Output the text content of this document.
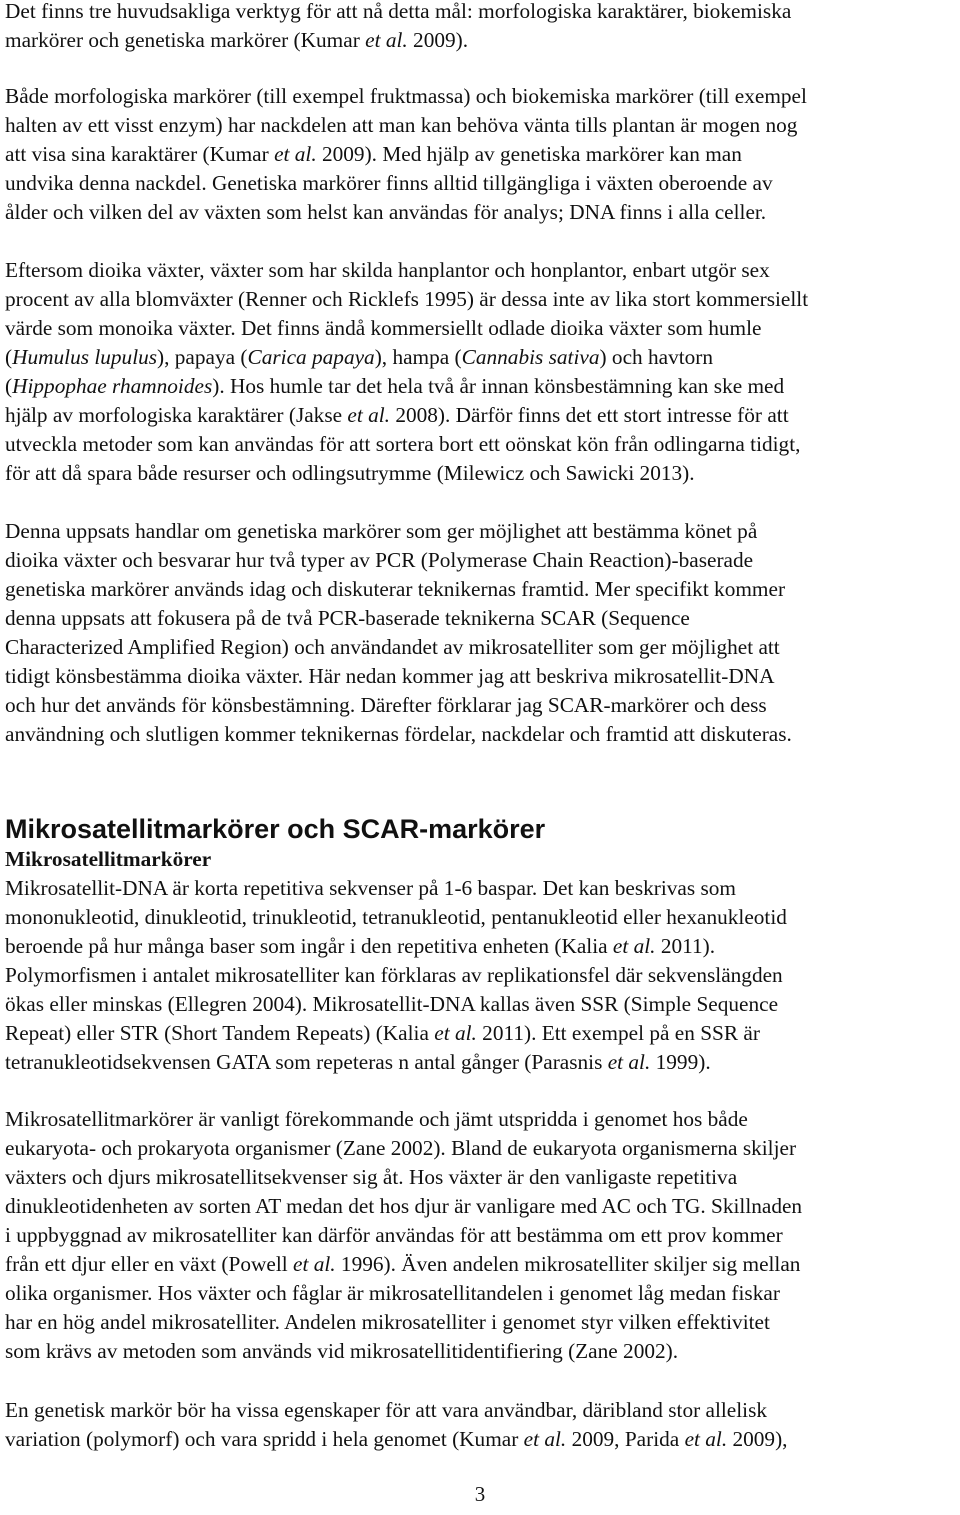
Det finns tre huvudsakliga verktyg för att nå detta mål: morfologiska karaktärer, biokemiska
markörer och genetiska markörer (Kumar et al. 2009).
Både morfologiska markörer (till exempel fruktmassa) och biokemiska markörer (till exempel
halten av ett visst enzym) har nackdelen att man kan behöva vänta tills plantan är mogen nog
att visa sina karaktärer (Kumar et al. 2009). Med hjälp av genetiska markörer kan man
undvika denna nackdel. Genetiska markörer finns alltid tillgängliga i växten oberoende av
ålder och vilken del av växten som helst kan användas för analys; DNA finns i alla celler.
Eftersom dioika växter, växter som har skilda hanplantor och honplantor, enbart utgör sex
procent av alla blomväxter (Renner och Ricklefs 1995) är dessa inte av lika stort kommersiellt
värde som monoika växter. Det finns ändå kommersiellt odlade dioika växter som humle
(Humulus lupulus), papaya (Carica papaya), hampa (Cannabis sativa) och havtorn
(Hippophae rhamnoides). Hos humle tar det hela två år innan könsbestämning kan ske med
hjälp av morfologiska karaktärer (Jakse et al. 2008). Därför finns det ett stort intresse för att
utveckla metoder som kan användas för att sortera bort ett oönskat kön från odlingarna tidigt,
för att då spara både resurser och odlingsutrymme (Milewicz och Sawicki 2013).
Denna uppsats handlar om genetiska markörer som ger möjlighet att bestämma könet på
dioika växter och besvarar hur två typer av PCR (Polymerase Chain Reaction)-baserade
genetiska markörer används idag och diskuterar teknikernas framtid. Mer specifikt kommer
denna uppsats att fokusera på de två PCR-baserade teknikerna SCAR (Sequence
Characterized Amplified Region) och användandet av mikrosatelliter som ger möjlighet att
tidigt könsbestämma dioika växter. Här nedan kommer jag att beskriva mikrosatellit-DNA
och hur det används för könsbestämning. Därefter förklarar jag SCAR-markörer och dess
användning och slutligen kommer teknikernas fördelar, nackdelar och framtid att diskuteras.
Mikrosatellitmarkörer och SCAR-markörer
Mikrosatellitmarkörer
Mikrosatellit-DNA är korta repetitiva sekvenser på 1-6 baspar. Det kan beskrivas som
mononukleotid, dinukleotid, trinukleotid, tetranukleotid, pentanukleotid eller hexanukleotid
beroende på hur många baser som ingår i den repetitiva enheten (Kalia et al. 2011).
Polymorfismen i antalet mikrosatelliter kan förklaras av replikationsfel där sekvenslängden
ökas eller minskas (Ellegren 2004). Mikrosatellit-DNA kallas även SSR (Simple Sequence
Repeat) eller STR (Short Tandem Repeats) (Kalia et al. 2011). Ett exempel på en SSR är
tetranukleotidsekvensen GATA som repeteras n antal gånger (Parasnis et al. 1999).
Mikrosatellitmarkörer är vanligt förekommande och jämt utspridda i genomet hos både
eukaryota- och prokaryota organismer (Zane 2002). Bland de eukaryota organismerna skiljer
växters och djurs mikrosatellitsekvenser sig åt. Hos växter är den vanligaste repetitiva
dinukleotidenheten av sorten AT medan det hos djur är vanligare med AC och TG. Skillnaden
i uppbyggnad av mikrosatelliter kan därför användas för att bestämma om ett prov kommer
från ett djur eller en växt (Powell et al. 1996). Även andelen mikrosatelliter skiljer sig mellan
olika organismer. Hos växter och fåglar är mikrosatellitandelen i genomet låg medan fiskar
har en hög andel mikrosatelliter. Andelen mikrosatelliter i genomet styr vilken effektivitet
som krävs av metoden som används vid mikrosatellitidentifiering (Zane 2002).
En genetisk markör bör ha vissa egenskaper för att vara användbar, däribland stor allelisk
variation (polymorf) och vara spridd i hela genomet (Kumar et al. 2009, Parida et al. 2009),
3
